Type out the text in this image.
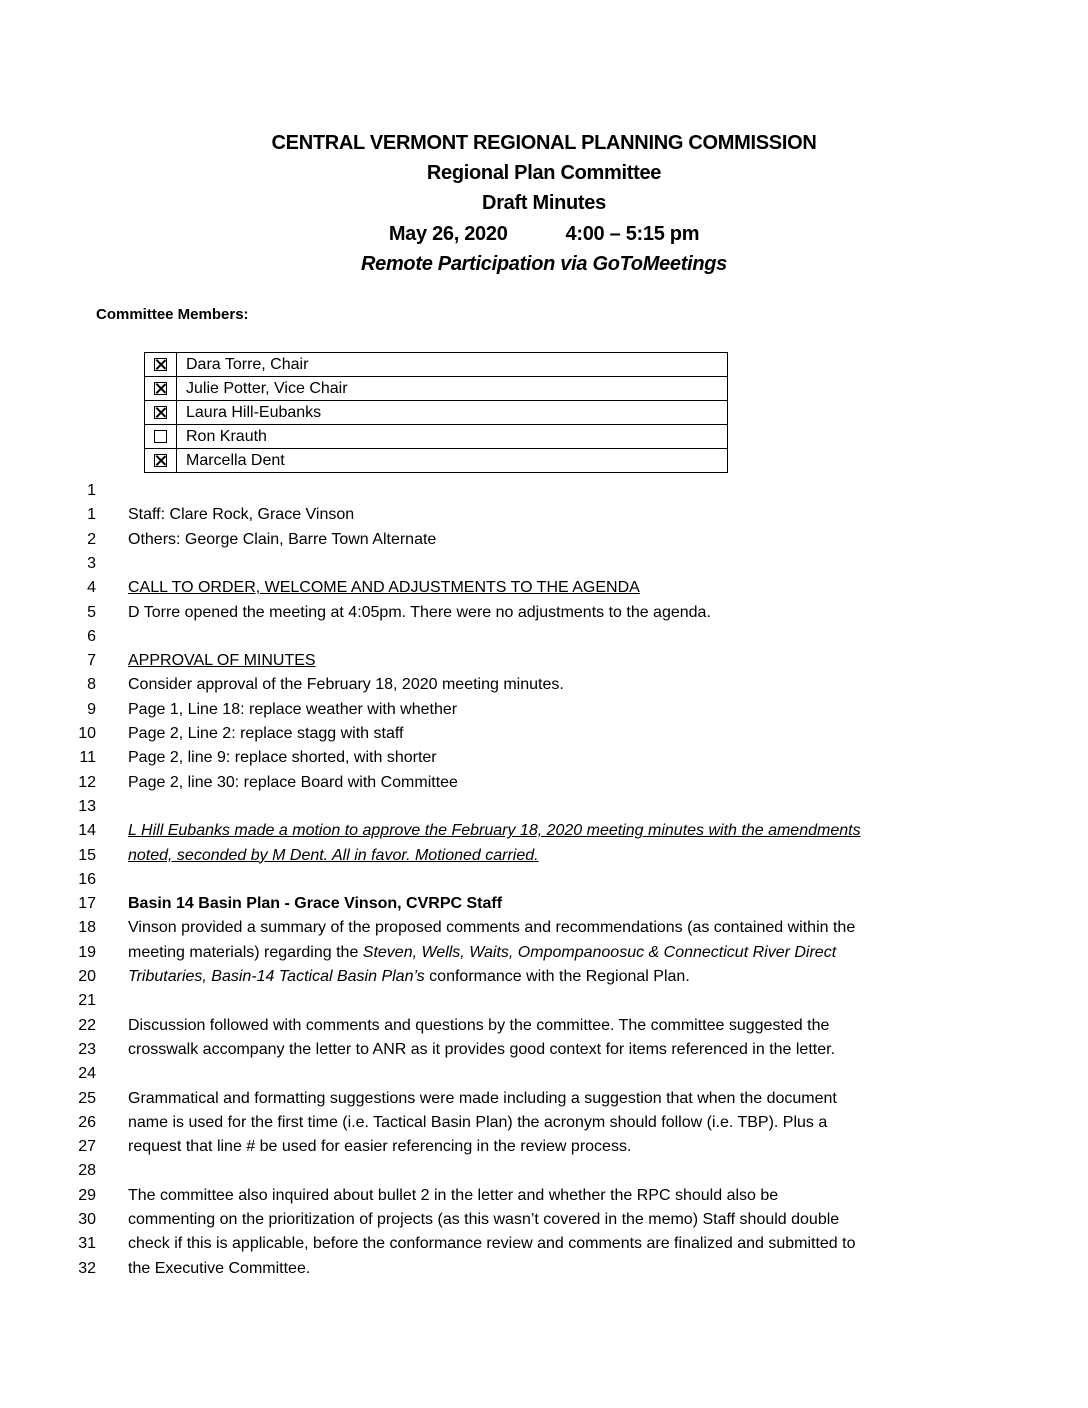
CENTRAL VERMONT REGIONAL PLANNING COMMISSION
Regional Plan Committee
Draft Minutes
May 26, 2020	4:00 – 5:15 pm
Remote Participation via GoToMeetings
Committee Members:
	Dara Torre, Chair
	Julie Potter, Vice Chair
	Laura Hill-Eubanks
	Ron Krauth
	Marcella Dent
1
1 Staff: Clare Rock, Grace Vinson
2 Others: George Clain, Barre Town Alternate
3
4 CALL TO ORDER, WELCOME AND ADJUSTMENTS TO THE AGENDA
5 D Torre opened the meeting at 4:05pm. There were no adjustments to the agenda.
6
7 APPROVAL OF MINUTES
8 Consider approval of the February 18, 2020 meeting minutes.
9 Page 1, Line 18: replace weather with whether
10 Page 2, Line 2: replace stagg with staff
11 Page 2, line 9: replace shorted, with shorter
12 Page 2, line 30: replace Board with Committee
13
14 L Hill Eubanks made a motion to approve the February 18, 2020 meeting minutes with the amendments
15 noted, seconded by M Dent. All in favor. Motioned carried.
16
17 Basin 14 Basin Plan - Grace Vinson, CVRPC Staff
18 Vinson provided a summary of the proposed comments and recommendations (as contained within the
19 meeting materials) regarding the Steven, Wells, Waits, Ompompanoosuc & Connecticut River Direct
20 Tributaries, Basin-14 Tactical Basin Plan’s conformance with the Regional Plan.
21
22 Discussion followed with comments and questions by the committee. The committee suggested the
23 crosswalk accompany the letter to ANR as it provides good context for items referenced in the letter.
24
25 Grammatical and formatting suggestions were made including a suggestion that when the document
26 name is used for the first time (i.e. Tactical Basin Plan) the acronym should follow (i.e. TBP). Plus a
27 request that line # be used for easier referencing in the review process.
28
29 The committee also inquired about bullet 2 in the letter and whether the RPC should also be
30 commenting on the prioritization of projects (as this wasn’t covered in the memo) Staff should double
31 check if this is applicable, before the conformance review and comments are finalized and submitted to
32 the Executive Committee.
